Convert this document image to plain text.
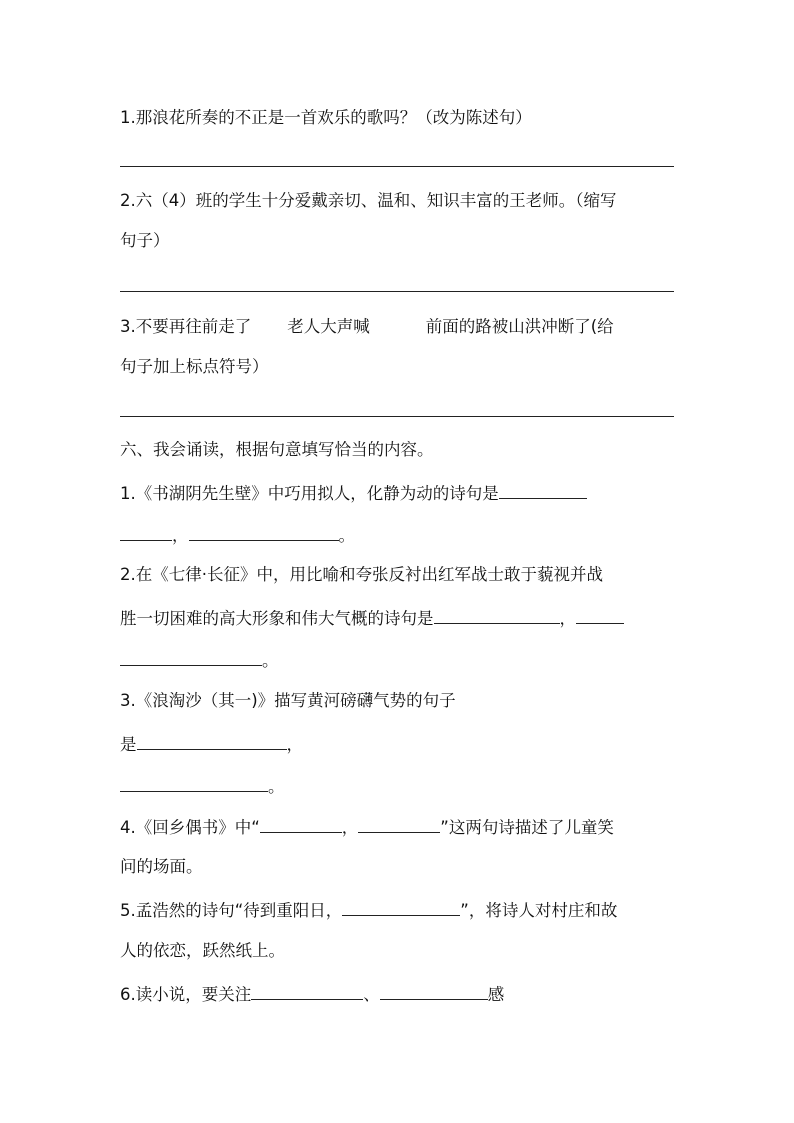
1.那浪花所奏的不正是一首欢乐的歌吗？（改为陈述句）
2.六（4）班的学生十分爱戴亲切、温和、知识丰富的王老师。（缩写
句子）
3.不要再往前走了 老人大声喊	前面的路被山洪冲断了(给
句子加上标点符号）
六、我会诵读，根据句意填写恰当的内容。
1.《书湖阴先生壁》中巧用拟人，化静为动的诗句是
，	。
2.在《七律·长征》中，用比喻和夸张反衬出红军战士敢于藐视并战
胜一切困难的高大形象和伟大气概的诗句是	，
。
3.《浪淘沙（其一)》描写黄河磅礴气势的句子
是	，
。
4.《回乡偶书》中“	，	”这两句诗描述了儿童笑
问的场面。
5.孟浩然的诗句“待到重阳日，	”，将诗人对村庄和故
人的依恋，跃然纸上。
6.读小说，要关注	、	感
